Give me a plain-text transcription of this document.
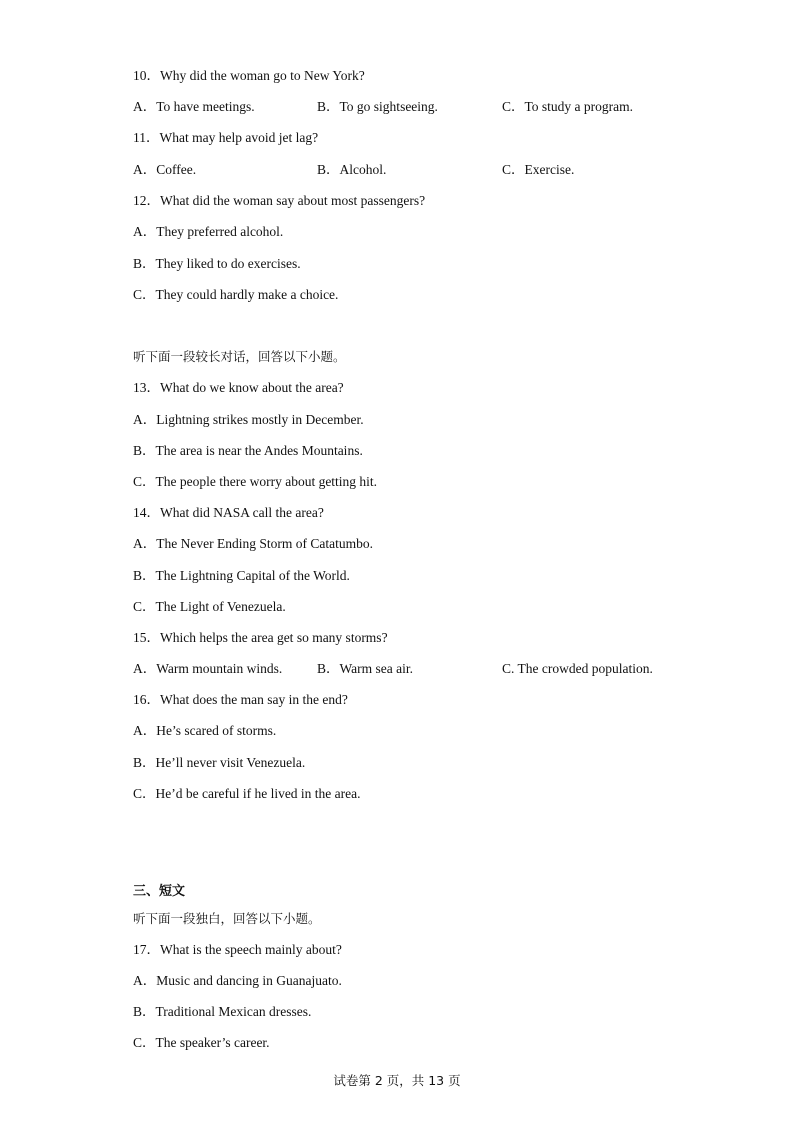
10．Why did the woman go to New York?
A．To have meetings.	B．To go sightseeing.	C．To study a program.
11．What may help avoid jet lag?
A．Coffee.	B．Alcohol.	C．Exercise.
12．What did the woman say about most passengers?
A．They preferred alcohol.
B．They liked to do exercises.
C．They could hardly make a choice.
听下面一段较长对话，回答以下小题。
13．What do we know about the area?
A．Lightning strikes mostly in December.
B．The area is near the Andes Mountains.
C．The people there worry about getting hit.
14．What did NASA call the area?
A．The Never Ending Storm of Catatumbo.
B．The Lightning Capital of the World.
C．The Light of Venezuela.
15．Which helps the area get so many storms?
A．Warm mountain winds.	B．Warm sea air.	C. The crowded population.
16．What does the man say in the end?
A．He’s scared of storms.
B．He’ll never visit Venezuela.
C．He’d be careful if he lived in the area.
三、短文
听下面一段独白，回答以下小题。
17．What is the speech mainly about?
A．Music and dancing in Guanajuato.
B．Traditional Mexican dresses.
C．The speaker’s career.
试卷第 2 页，共 13 页
